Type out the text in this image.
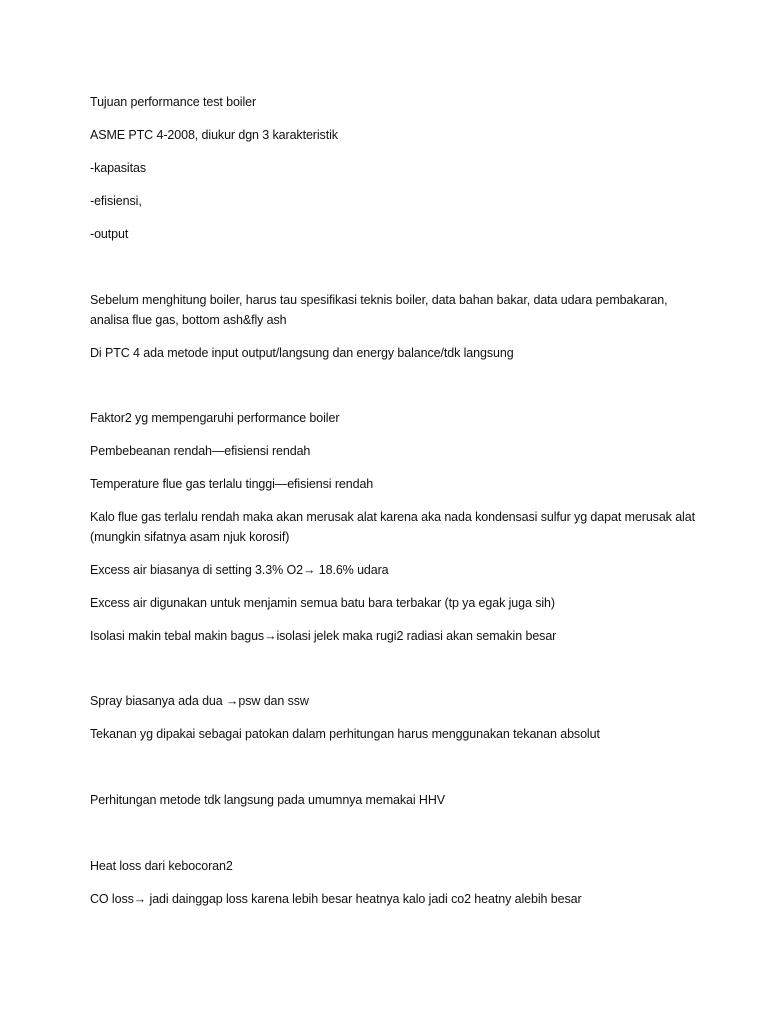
Tujuan performance test boiler
ASME PTC 4-2008, diukur dgn 3 karakteristik
-kapasitas
-efisiensi,
-output
Sebelum menghitung boiler, harus tau spesifikasi teknis boiler, data bahan bakar, data udara pembakaran, analisa flue gas, bottom ash&fly ash
Di PTC 4 ada metode input output/langsung dan energy balance/tdk langsung
Faktor2 yg mempengaruhi performance boiler
Pembebeanan rendah—efisiensi rendah
Temperature flue gas terlalu tinggi—efisiensi rendah
Kalo flue gas terlalu rendah maka akan merusak alat karena aka nada kondensasi sulfur yg dapat merusak alat (mungkin sifatnya asam njuk korosif)
Excess air biasanya di setting 3.3% O2→ 18.6% udara
Excess air digunakan untuk menjamin semua batu bara terbakar (tp ya egak juga sih)
Isolasi makin tebal makin bagus→isolasi jelek maka rugi2 radiasi akan semakin besar
Spray biasanya ada dua →psw dan ssw
Tekanan yg dipakai sebagai patokan dalam perhitungan harus menggunakan tekanan absolut
Perhitungan metode tdk langsung pada umumnya memakai HHV
Heat loss dari kebocoran2
CO loss→ jadi dainggap loss karena lebih besar heatnya kalo jadi co2 heatny alebih besar
